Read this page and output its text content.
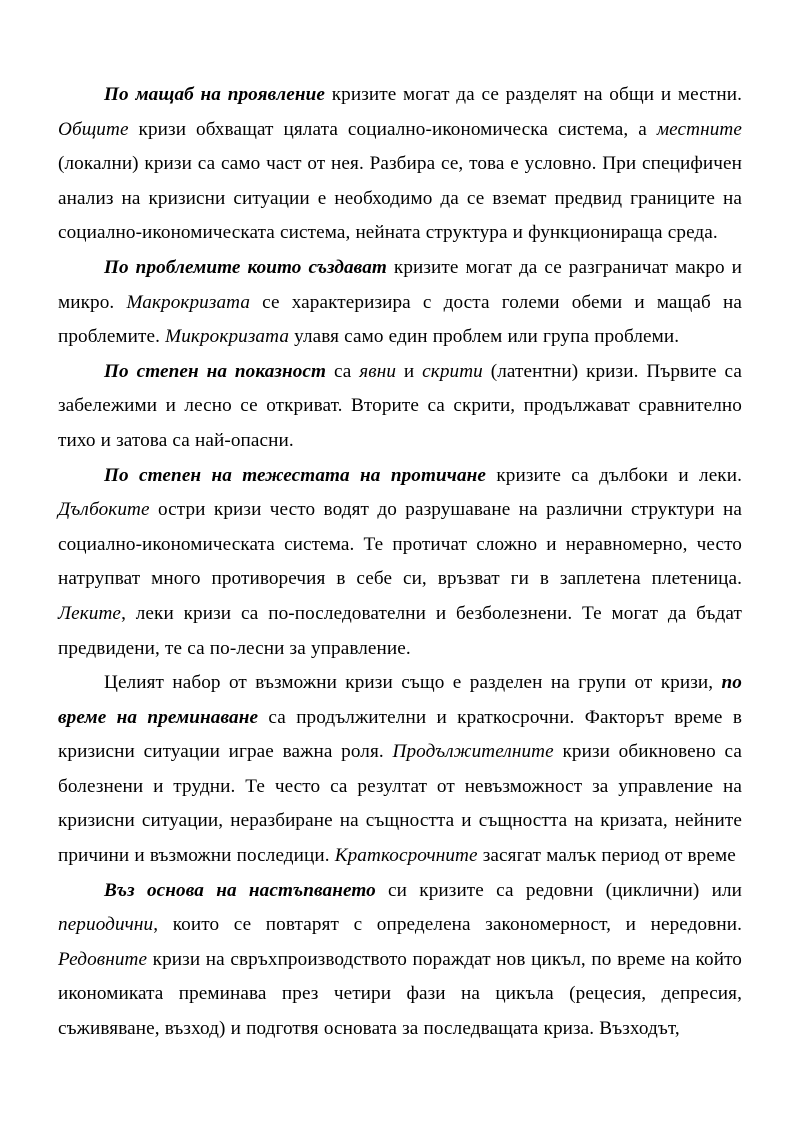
По мащаб на проявление кризите могат да се разделят на общи и местни. Общите кризи обхващат цялата социално-икономическа система, а местните (локални) кризи са само част от нея. Разбира се, това е условно. При специфичен анализ на кризисни ситуации е необходимо да се вземат предвид границите на социално-икономическата система, нейната структура и функционираща среда.

По проблемите които създават кризите могат да се разграничат макро и микро. Макрокризата се характеризира с доста големи обеми и мащаб на проблемите. Микрокризата улавя само един проблем или група проблеми.

По степен на показност са явни и скрити (латентни) кризи. Първите са забележими и лесно се откриват. Вторите са скрити, продължават сравнително тихо и затова са най-опасни.

По степен на тежестата на протичане кризите са дълбоки и леки. Дълбоките остри кризи често водят до разрушаване на различни структури на социално-икономическата система. Те протичат сложно и неравномерно, често натрупват много противоречия в себе си, връзват ги в заплетена плетеница. Леките, леки кризи са по-последователни и безболезнени. Те могат да бъдат предвидени, те са по-лесни за управление.

Целият набор от възможни кризи също е разделен на групи от кризи, по време на преминаване са продължителни и краткосрочни. Факторът време в кризисни ситуации играе важна роля. Продължителните кризи обикновено са болезнени и трудни. Те често са резултат от невъзможност за управление на кризисни ситуации, неразбиране на същността и същността на кризата, нейните причини и възможни последици. Краткосрочните засягат малък период от време

Въз основа на настъпването си кризите са редовни (циклични) или периодични, които се повтарят с определена закономерност, и нередовни. Редовните кризи на свръхпроизводството пораждат нов цикъл, по време на който икономиката преминава през четири фази на цикъла (рецесия, депресия, съживяване, възход) и подготвя основата за последващата криза. Възходът,
